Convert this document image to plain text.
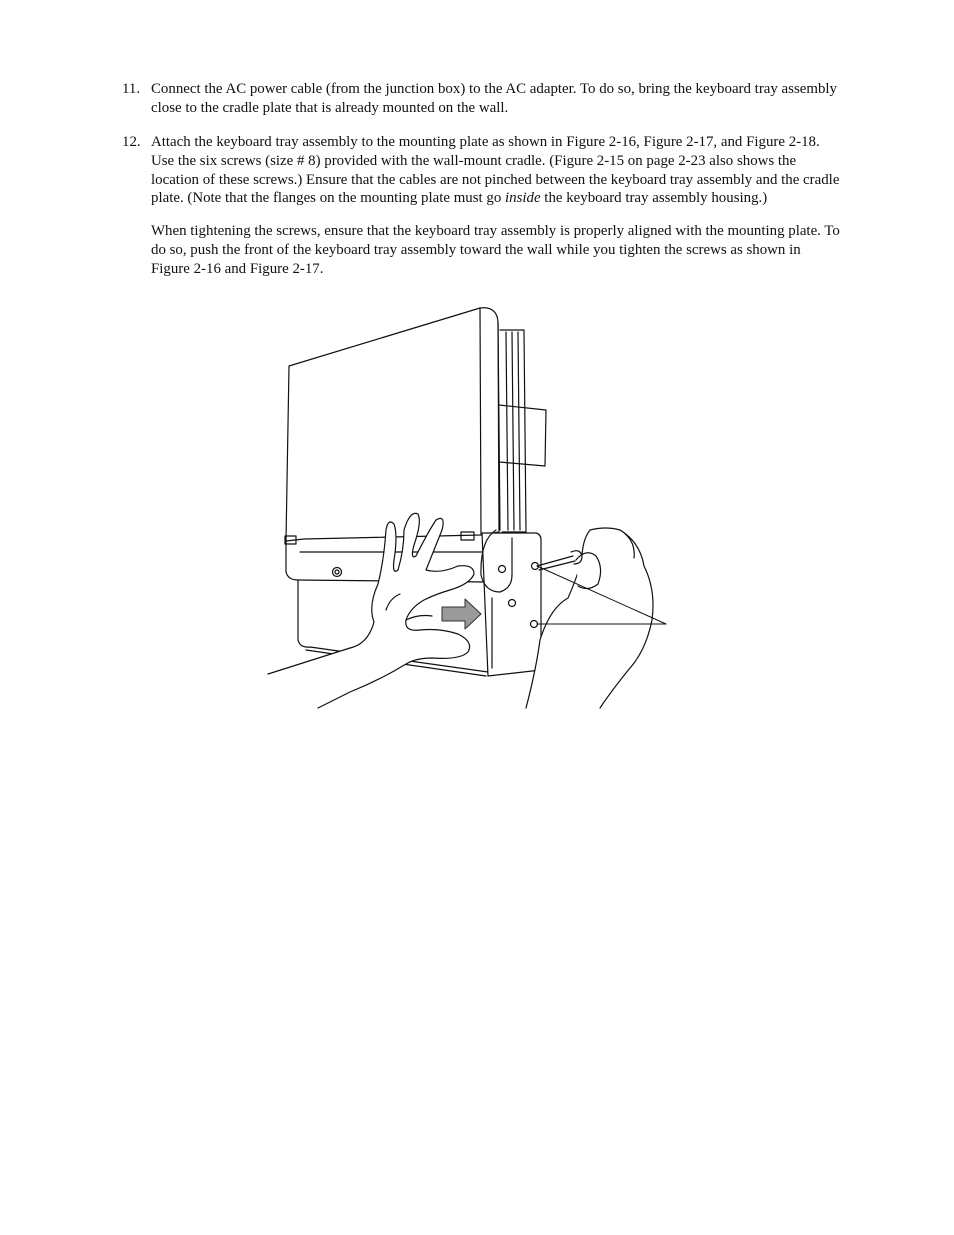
11. Connect the AC power cable (from the junction box) to the AC adapter. To do so, bring the keyboard tray assembly close to the cradle plate that is already mounted on the wall.

12. Attach the keyboard tray assembly to the mounting plate as shown in Figure 2-16, Figure 2-17, and Figure 2-18. Use the six screws (size # 8) provided with the wall-mount cradle. (Figure 2-15 on page 2-23 also shows the location of these screws.) Ensure that the cables are not pinched between the keyboard tray assembly and the cradle plate. (Note that the flanges on the mounting plate must go inside the keyboard tray assembly housing.)

When tightening the screws, ensure that the keyboard tray assembly is properly aligned with the mounting plate. To do so, push the front of the keyboard tray assembly toward the wall while you tighten the screws as shown in Figure 2-16 and Figure 2-17.
